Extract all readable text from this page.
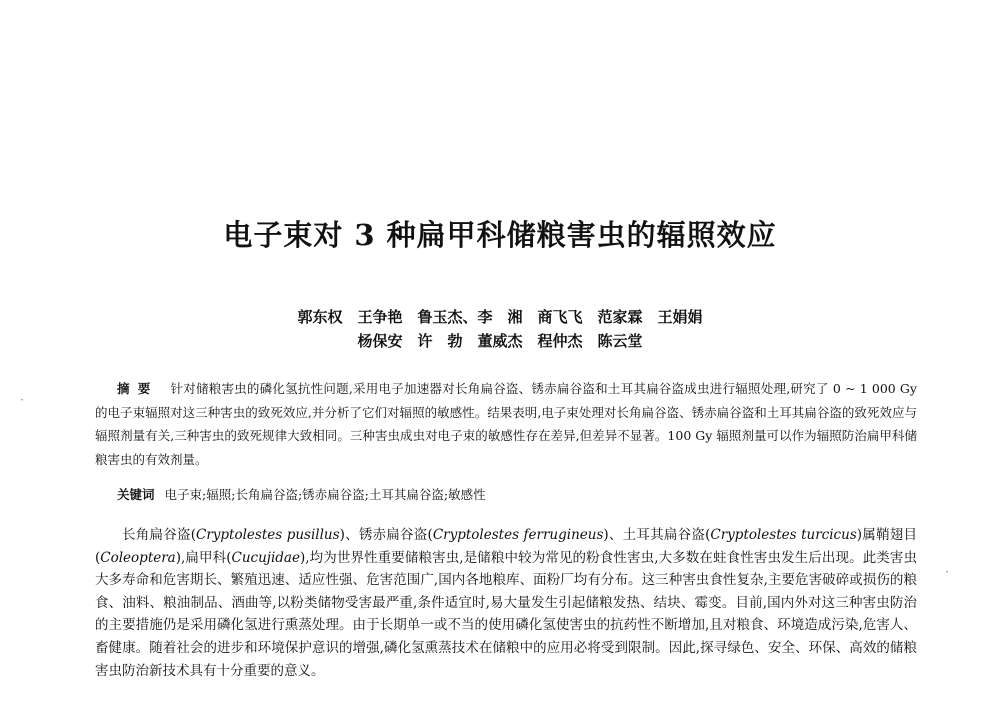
电子束对 3 种扁甲科储粮害虫的辐照效应
郭东权　王争艳　鲁玉杰、李　湘　商飞飞　范家霖　王娟娟
杨保安　许　勃　董威杰　程仲杰　陈云堂
摘要 针对储粮害虫的磷化氢抗性问题,采用电子加速器对长角扁谷盗、锈赤扁谷盗和土耳其扁谷盗成虫进行辐照处理,研究了 0 ~ 1 000 Gy 的电子束辐照对这三种害虫的致死效应,并分析了它们对辐照的敏感性。结果表明,电子束处理对长角扁谷盗、锈赤扁谷盗和土耳其扁谷盗的致死效应与辐照剂量有关,三种害虫的致死规律大致相同。三种害虫成虫对电子束的敏感性存在差异,但差异不显著。100 Gy 辐照剂量可以作为辐照防治扁甲科储粮害虫的有效剂量。
关键词 电子束;辐照;长角扁谷盗;锈赤扁谷盗;土耳其扁谷盗;敏感性
长角扁谷盗(Cryptolestes pusillus)、锈赤扁谷盗(Cryptolestes ferrugineus)、土耳其扁谷盗(Cryptolestes turcicus)属鞘翅目(Coleoptera),扁甲科(Cucujidae),均为世界性重要储粮害虫,是储粮中较为常见的粉食性害虫,大多数在蛀食性害虫发生后出现。此类害虫大多寿命和危害期长、繁殖迅速、适应性强、危害范围广,国内各地粮库、面粉厂均有分布。这三种害虫食性复杂,主要危害破碎或损伤的粮食、油料、粮油制品、酒曲等,以粉类储物受害最严重,条件适宜时,易大量发生引起储粮发热、结块、霉变。目前,国内外对这三种害虫防治的主要措施仍是采用磷化氢进行熏蒸处理。由于长期单一或不当的使用磷化氢使害虫的抗药性不断增加,且对粮食、环境造成污染,危害人、畜健康。随着社会的进步和环境保护意识的增强,磷化氢熏蒸技术在储粮中的应用必将受到限制。因此,探寻绿色、安全、环保、高效的储粮害虫防治新技术具有十分重要的意义。
·
·
